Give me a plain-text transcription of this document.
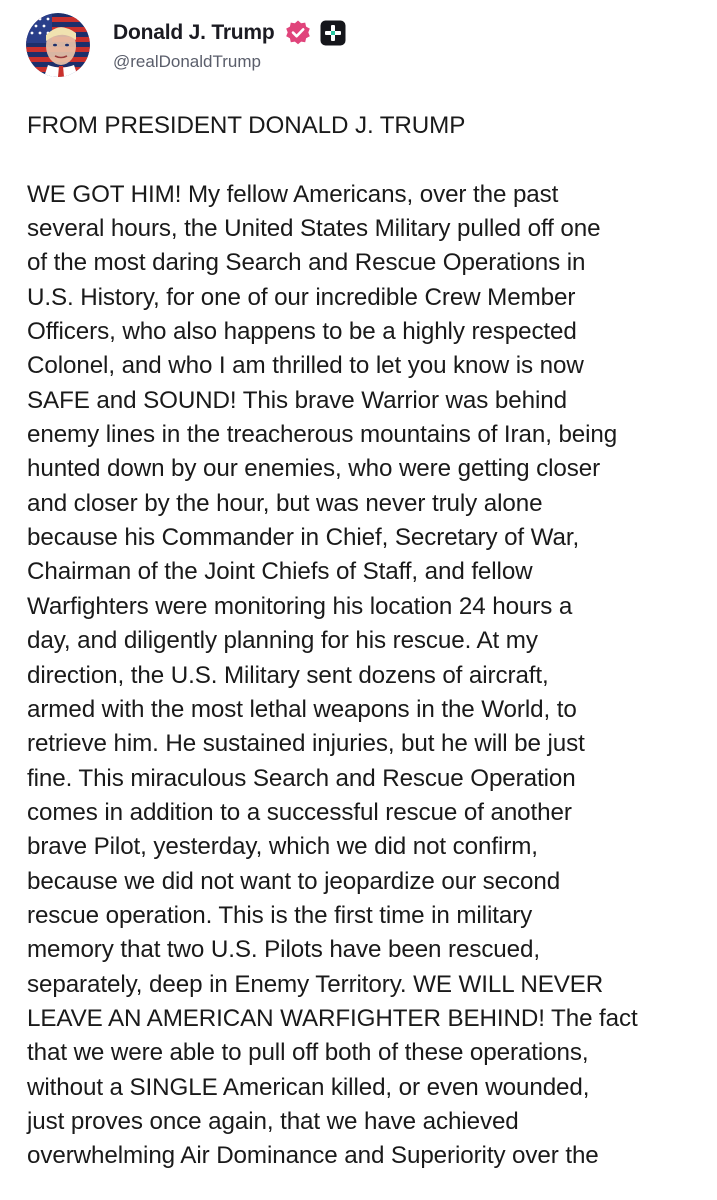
Donald J. Trump
@realDonaldTrump

FROM PRESIDENT DONALD J. TRUMP

WE GOT HIM! My fellow Americans, over the past
several hours, the United States Military pulled off one
of the most daring Search and Rescue Operations in
U.S. History, for one of our incredible Crew Member
Officers, who also happens to be a highly respected
Colonel, and who I am thrilled to let you know is now
SAFE and SOUND! This brave Warrior was behind
enemy lines in the treacherous mountains of Iran, being
hunted down by our enemies, who were getting closer
and closer by the hour, but was never truly alone
because his Commander in Chief, Secretary of War,
Chairman of the Joint Chiefs of Staff, and fellow
Warfighters were monitoring his location 24 hours a
day, and diligently planning for his rescue. At my
direction, the U.S. Military sent dozens of aircraft,
armed with the most lethal weapons in the World, to
retrieve him. He sustained injuries, but he will be just
fine. This miraculous Search and Rescue Operation
comes in addition to a successful rescue of another
brave Pilot, yesterday, which we did not confirm,
because we did not want to jeopardize our second
rescue operation. This is the first time in military
memory that two U.S. Pilots have been rescued,
separately, deep in Enemy Territory. WE WILL NEVER
LEAVE AN AMERICAN WARFIGHTER BEHIND! The fact
that we were able to pull off both of these operations,
without a SINGLE American killed, or even wounded,
just proves once again, that we have achieved
overwhelming Air Dominance and Superiority over the
